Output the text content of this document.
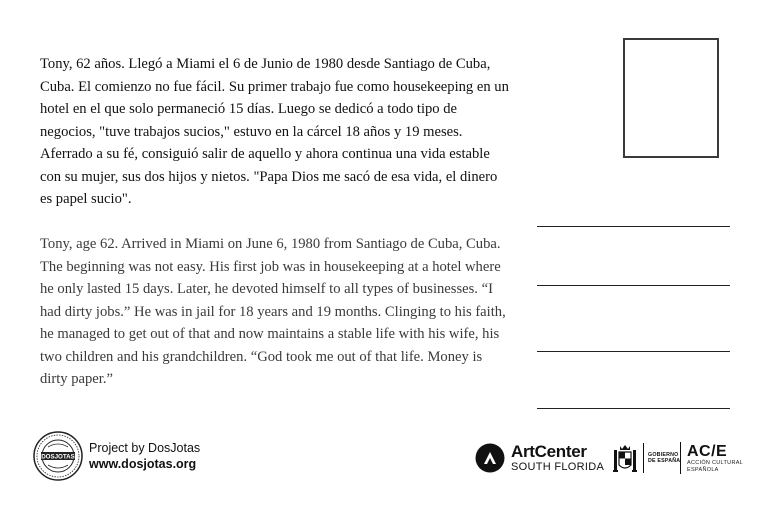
Tony, 62 años. Llegó a Miami el 6 de Junio de 1980 desde Santiago de Cuba, Cuba. El comienzo no fue fácil. Su primer trabajo fue como housekeeping en un hotel en el que solo permaneció 15 días. Luego se dedicó a todo tipo de negocios, "tuve trabajos sucios," estuvo en la cárcel 18 años y 19 meses. Aferrado a su fé, consiguió salir de aquello y ahora continua una vida estable con su mujer, sus dos hijos y nietos. "Papa Dios me sacó de esa vida, el dinero es papel sucio".

Tony, age 62. Arrived in Miami on June 6, 1980 from Santiago de Cuba, Cuba. The beginning was not easy. His first job was in housekeeping at a hotel where he only lasted 15 days. Later, he devoted himself to all types of businesses. “I had dirty jobs.” He was in jail for 18 years and 19 months. Clinging to his faith, he managed to get out of that and now maintains a stable life with his wife, his two children and his grandchildren. “God took me out of that life. Money is dirty paper.”

DOSJOTAS
Project by DosJotas
www.dosjotas.org
ArtCenter
SOUTH FLORIDA
GOBIERNO
DE ESPAÑA
AC/E
ACCIÓN CULTURAL
ESPAÑOLA
